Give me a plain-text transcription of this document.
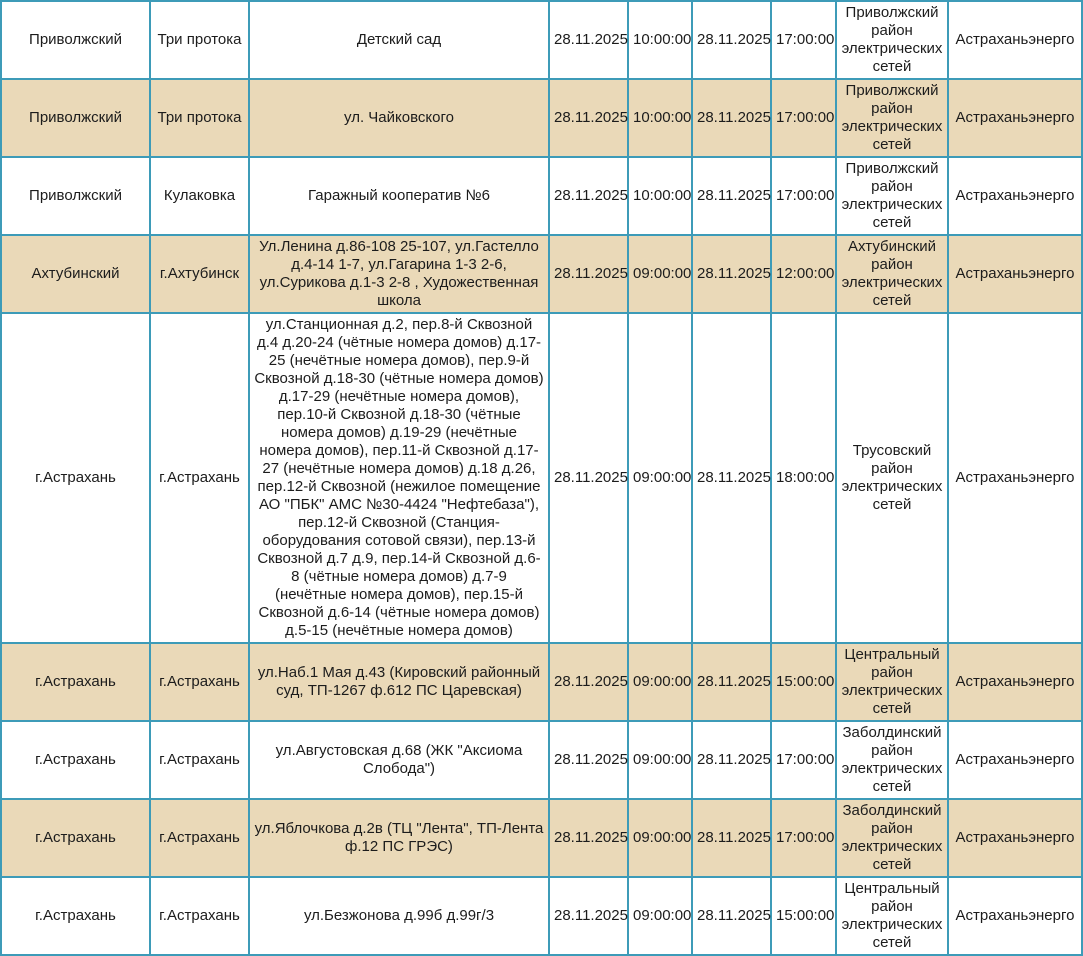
Приволжский	Три протока	Детский сад	28.11.2025	10:00:00	28.11.2025	17:00:00	Приволжский район электрических сетей	Астраханьэнерго
Приволжский	Три протока	ул. Чайковского	28.11.2025	10:00:00	28.11.2025	17:00:00	Приволжский район электрических сетей	Астраханьэнерго
Приволжский	Кулаковка	Гаражный кооператив №6	28.11.2025	10:00:00	28.11.2025	17:00:00	Приволжский район электрических сетей	Астраханьэнерго
Ахтубинский	г.Ахтубинск	Ул.Ленина д.86-108 25-107, ул.Гастелло д.4-14 1-7, ул.Гагарина 1-3 2-6, ул.Сурикова д.1-3 2-8 , Художественная школа	28.11.2025	09:00:00	28.11.2025	12:00:00	Ахтубинский район электрических сетей	Астраханьэнерго
г.Астрахань	г.Астрахань	ул.Станционная д.2, пер.8-й Сквозной д.4 д.20-24 (чётные номера домов) д.17-25 (нечётные номера домов), пер.9-й Сквозной д.18-30 (чётные номера домов) д.17-29 (нечётные номера домов), пер.10-й Сквозной д.18-30 (чётные номера домов) д.19-29 (нечётные номера домов), пер.11-й Сквозной д.17-27 (нечётные номера домов) д.18 д.26, пер.12-й Сквозной (нежилое помещение АО "ПБК" АМС №30-4424 "Нефтебаза"), пер.12-й Сквозной (Станция-оборудования сотовой связи), пер.13-й Сквозной д.7 д.9, пер.14-й Сквозной д.6-8 (чётные номера домов) д.7-9 (нечётные номера домов), пер.15-й Сквозной д.6-14 (чётные номера домов) д.5-15 (нечётные номера домов)	28.11.2025	09:00:00	28.11.2025	18:00:00	Трусовский район электрических сетей	Астраханьэнерго
г.Астрахань	г.Астрахань	ул.Наб.1 Мая д.43 (Кировский районный суд, ТП-1267 ф.612 ПС Царевская)	28.11.2025	09:00:00	28.11.2025	15:00:00	Центральный район электрических сетей	Астраханьэнерго
г.Астрахань	г.Астрахань	ул.Августовская д.68 (ЖК "Аксиома Слобода")	28.11.2025	09:00:00	28.11.2025	17:00:00	Заболдинский район электрических сетей	Астраханьэнерго
г.Астрахань	г.Астрахань	ул.Яблочкова д.2в (ТЦ "Лента", ТП-Лента ф.12 ПС ГРЭС)	28.11.2025	09:00:00	28.11.2025	17:00:00	Заболдинский район электрических сетей	Астраханьэнерго
г.Астрахань	г.Астрахань	ул.Безжонова д.99б д.99г/3	28.11.2025	09:00:00	28.11.2025	15:00:00	Центральный район электрических сетей	Астраханьэнерго
